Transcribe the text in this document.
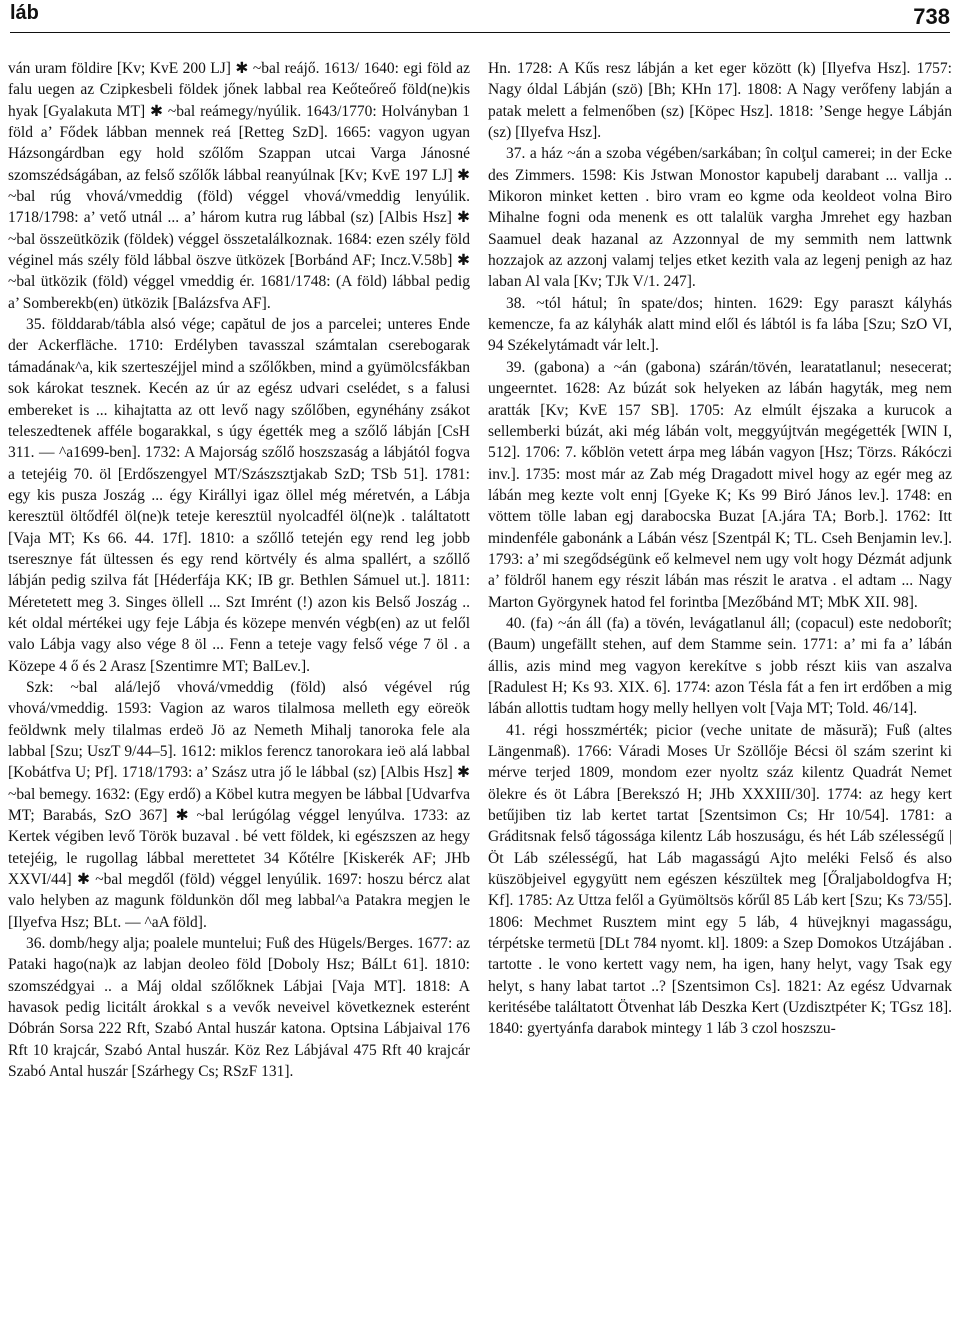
láb	738

ván uram földire [Kv; KvE 200 LJ] ✱ ~bal reájő. 1613/ 1640: egi föld az falu uegen az Czipkesbeli földek jőnek labbal rea Keőteőreő föld(ne)kis hyak [Gyalakuta MT] ✱ ~bal reámegy/nyúlik. 1643/1770: Holványban 1 föld a’ Fődek lábban mennek reá [Retteg SzD]. 1665: vagyon ugyan Házsongárdban egy hold szőlőm Szappan utcai Varga Jánosné szomszédságában, az felső szőlők lábbal reanyúlnak [Kv; KvE 197 LJ] ✱ ~bal rúg vhová/vmeddig (föld) véggel vhová/vmeddig lenyúlik. 1718/1798: a’ vető utnál ... a’ három kutra rug lábbal (sz) [Albis Hsz] ✱ ~bal összeütközik (földek) véggel összetalálkoznak. 1684: ezen szély föld véginel más szély föld lábbal öszve ütközek [Borbánd AF; Incz.V.58b] ✱ ~bal ütközik (föld) véggel vmeddig ér. 1681/1748: (A föld) lábbal pedig a’ Somberekb(en) ütközik [Balázsfva AF].

35. földdarab/tábla alsó vége; capătul de jos a parcelei; unteres Ende der Ackerfläche. 1710: Erdélyben tavasszal számtalan cserebogarak támadának^a, kik szerteszéjjel mind a szőlőkben, mind a gyümölcsfákban sok károkat tesznek. Kecén az úr az egész udvari cselédet, s a falusi embereket is ... kihajtatta az ott levő nagy szőlőben, egynéhány zsákot teleszedtenek afféle bogarakkal, s úgy égették meg a szőlő lábján [CsH 311. — ^a1699-ben]. 1732: A Majorság szőlő hoszszaság a lábjától fogva a tetejéig 70. öl [Erdőszengyel MT/Szászsztjakab SzD; TSb 51]. 1781: egy kis pusza Joszág ... égy Királlyi igaz öllel még méretvén, a Lábja keresztül öltődfél öl(ne)k teteje keresztül nyolcadfél öl(ne)k . találtatott [Vaja MT; Ks 66. 44. 17f]. 1810: a szőllő tetején egy rend leg jobb tseresznye fát ültessen és egy rend körtvély és alma spallért, a szőllő lábján pedig szilva fát [Héderfája KK; IB gr. Bethlen Sámuel ut.]. 1811: Méretetett meg 3. Singes öllell ... Szt Imrént (!) azon kis Belső Joszág .. két oldal mértékei ugy feje Lábja és közepe menvén végb(en) az ut felől valo Lábja vagy also vége 8 öl ... Fenn a teteje vagy felső vége 7 öl . a Közepe 4 ő és 2 Arasz [Szentimre MT; BalLev.].

Szk: ~bal alá/lejő vhová/vmeddig (föld) alsó végével rúg vhová/vmeddig. 1593: Vagion az waros tilalmosa melleth egy eöreök feöldwnk mely tilalmas erdeö Jö az Nemeth Mihalj tanoroka fele ala labbal [Szu; UszT 9/44–5]. 1612: miklos ferencz tanorokara ieö alá labbal [Kobátfva U; Pf]. 1718/1793: a’ Szász utra jő le lábbal (sz) [Albis Hsz] ✱ ~bal bemegy. 1632: (Egy erdő) a Köbel kutra megyen be lábbal [Udvarfva MT; Barabás, SzO 367] ✱ ~bal lerúgólag véggel lenyúlva. 1733: az Kertek végiben levő Török buzaval . bé vett földek, ki egészszen az hegy tetejéig, le rugollag lábbal merettetet 34 Kőtélre [Kiskerék AF; JHb XXVI/44] ✱ ~bal megdől (föld) véggel lenyúlik. 1697: hoszu bércz alat valo helyben az magunk földunkön dől meg labbal^a Patakra megjen le [Ilyefva Hsz; BLt. — ^aA föld].

36. domb/hegy alja; poalele muntelui; Fuß des Hügels/Berges. 1677: az Pataki hago(na)k az labjan deoleo föld [Doboly Hsz; BálLt 61]. 1810: szomszédgyai .. a Máj oldal szőlőknek Lábjai [Vaja MT]. 1818: A havasok pedig licitált árokkal s a vevők neveivel következnek esterént Dóbrán Sorsa 222 Rft, Szabó Antal huszár katona. Optsina Lábjaival 176 Rft 10 krajcár, Szabó Antal huszár. Köz Rez Lábjával 475 Rft 40 krajcár Szabó Antal huszár [Szárhegy Cs; RSzF 131].

Hn. 1728: A Kűs resz lábján a ket eger között (k) [Ilyefva Hsz]. 1757: Nagy óldal Lábján (szö) [Bh; KHn 17]. 1808: A Nagy verőfeny labján a patak melett a felmenőben (sz) [Köpec Hsz]. 1818: ’Senge hegye Lábján (sz) [Ilyefva Hsz].

37. a ház ~án a szoba végében/sarkában; în colţul camerei; in der Ecke des Zimmers. 1598: Kis Jstwan Monostor kapubelj darabant ... vallja .. Mikoron minket ketten . biro vram eo kgme oda keoldeot volna Biro Mihalne fogni oda menenk es ott talalük vargha Jmrehet egy hazban Saamuel deak hazanal az Azzonnyal de my semmith nem lattwnk hozzajok az azzonj valamj teljes etket kezith vala az legenj penigh az haz laban Al vala [Kv; TJk V/1. 247].

38. ~tól hátul; în spate/dos; hinten. 1629: Egy paraszt kályhás kemencze, fa az kályhák alatt mind elől és lábtól is fa lába [Szu; SzO VI, 94 Székelytámadt vár lelt.].

39. (gabona) a ~án (gabona) szárán/tövén, learatatlanul; nesecerat; ungeerntet. 1628: Az búzát sok helyeken az lábán hagyták, meg nem aratták [Kv; KvE 157 SB]. 1705: Az elmúlt éjszaka a kurucok a sellemberki búzát, aki még lábán volt, meggyújtván megégették [WIN I, 512]. 1706: 7. kőblön vetett árpa meg lábán vagyon [Hsz; Törzs. Rákóczi inv.]. 1735: most már az Zab még Dragadott mivel hogy az egér meg az lábán meg kezte volt ennj [Gyeke K; Ks 99 Biró János lev.]. 1748: en vöttem tölle laban egj darabocska Buzat [A.jára TA; Borb.]. 1762: Itt mindenféle gabonánk a Lábán vész [Szentpál K; TL. Cseh Benjamin lev.]. 1793: a’ mi szegődségünk eő kelmevel nem ugy volt hogy Dézmát adjunk a’ földről hanem egy részit lábán mas részit le aratva . el adtam ... Nagy Marton Györgynek hatod fel forintba [Mezőbánd MT; MbK XII. 98].

40. (fa) ~án áll (fa) a tövén, levágatlanul áll; (copacul) este nedoborît; (Baum) ungefällt stehen, auf dem Stamme sein. 1771: a’ mi fa a’ lábán állis, azis mind meg vagyon kerekítve s jobb részt kiis van aszalva [Radulest H; Ks 93. XIX. 6]. 1774: azon Tésla fát a fen irt erdőben a mig lábán allottis tudtam hogy melly hellyen volt [Vaja MT; Told. 46/14].

41. régi hosszmérték; picior (veche unitate de măsură); Fuß (altes Längenmaß). 1766: Váradi Moses Ur Szöllője Bécsi öl szám szerint ki mérve terjed 1809, mondom ezer nyoltz száz kilentz Quadrát Nemet ölekre és öt Lábra [Berekszó H; JHb XXXIII/30]. 1774: az hegy kert betűjiben tiz lab kertet tartat [Szentsimon Cs; Hr 10/54]. 1781: a Gráditsnak felső tágossága kilentz Láb hoszuságu, és hét Láb szélességű | Öt Láb szélességű, hat Láb magasságú Ajto meléki Felső és also küszöbjeivel egygyütt nem egészen készültek meg [Őraljaboldogfva H; Kf]. 1785: Az Uttza felől a Gyümöltsös kőrűl 85 Láb kert [Szu; Ks 73/55]. 1806: Mechmet Rusztem mint egy 5 láb, 4 hüvejknyi magasságu, térpétske termetü [DLt 784 nyomt. kl]. 1809: a Szep Domokos Utzájában . tartotte . le vono kertett vagy nem, ha igen, hany helyt, vagy Tsak egy helyt, s hany labat tartot ..? [Szentsimon Cs]. 1821: Az egész Udvarnak keritésébe találtatott Ötvenhat láb Deszka Kert (Uzdisztpéter K; TGsz 18]. 1840: gyertyánfa darabok mintegy 1 láb 3 czol hoszszu-
